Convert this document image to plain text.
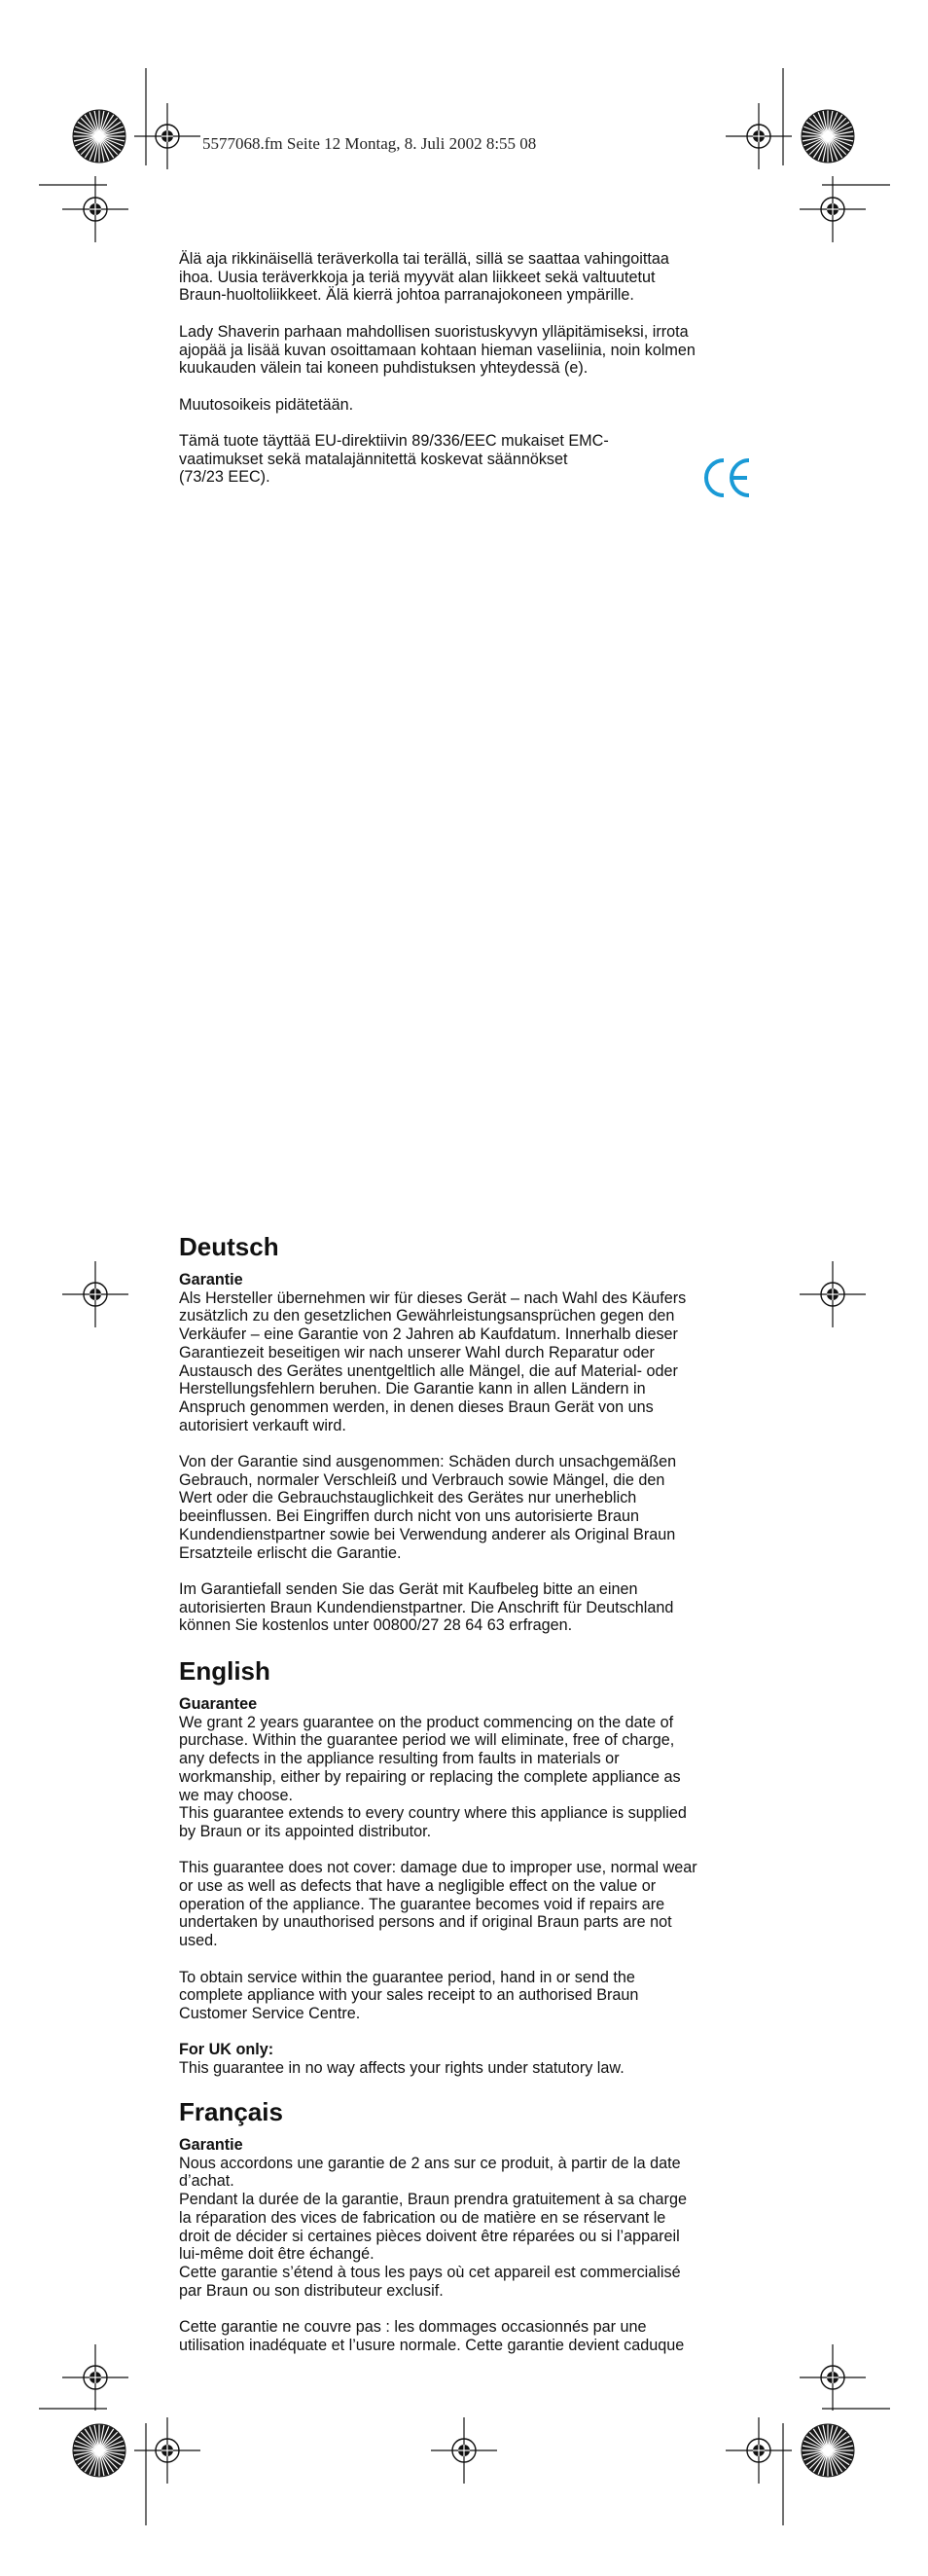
5577068.fm Seite 12 Montag, 8. Juli 2002 8:55 08

Älä aja rikkinäisellä teräverkolla tai terällä, sillä se saattaa vahingoittaa
ihoa. Uusia teräverkkoja ja teriä myyvät alan liikkeet sekä valtuutetut
Braun-huoltoliikkeet. Älä kierrä johtoa parranajokoneen ympärille.

Lady Shaverin parhaan mahdollisen suoristuskyvyn ylläpitämiseksi, irrota
ajopää ja lisää kuvan osoittamaan kohtaan hieman vaseliinia, noin kolmen
kuukauden välein tai koneen puhdistuksen yhteydessä (e).

Muutosoikeis pidätetään.

Tämä tuote täyttää EU-direktiivin 89/336/EEC mukaiset EMC-
vaatimukset sekä matalajännitettä koskevat säännökset
(73/23 EEC).

Deutsch

Garantie

Als Hersteller übernehmen wir für dieses Gerät – nach Wahl des Käufers
zusätzlich zu den gesetzlichen Gewährleistungsansprüchen gegen den
Verkäufer – eine Garantie von 2 Jahren ab Kaufdatum. Innerhalb dieser
Garantiezeit beseitigen wir nach unserer Wahl durch Reparatur oder
Austausch des Gerätes unentgeltlich alle Mängel, die auf Material- oder
Herstellungsfehlern beruhen. Die Garantie kann in allen Ländern in
Anspruch genommen werden, in denen dieses Braun Gerät von uns
autorisiert verkauft wird.

Von der Garantie sind ausgenommen: Schäden durch unsachgemäßen
Gebrauch, normaler Verschleiß und Verbrauch sowie Mängel, die den
Wert oder die Gebrauchstauglichkeit des Gerätes nur unerheblich
beeinflussen. Bei Eingriffen durch nicht von uns autorisierte Braun
Kundendienstpartner sowie bei Verwendung anderer als Original Braun
Ersatzteile erlischt die Garantie.

Im Garantiefall senden Sie das Gerät mit Kaufbeleg bitte an einen
autorisierten Braun Kundendienstpartner. Die Anschrift für Deutschland
können Sie kostenlos unter 00800/27 28 64 63 erfragen.

English

Guarantee

We grant 2 years guarantee on the product commencing on the date of
purchase. Within the guarantee period we will eliminate, free of charge,
any defects in the appliance resulting from faults in materials or
workmanship, either by repairing or replacing the complete appliance as
we may choose.
This guarantee extends to every country where this appliance is supplied
by Braun or its appointed distributor.

This guarantee does not cover: damage due to improper use, normal wear
or use as well as defects that have a negligible effect on the value or
operation of the appliance. The guarantee becomes void if repairs are
undertaken by unauthorised persons and if original Braun parts are not
used.

To obtain service within the guarantee period, hand in or send the
complete appliance with your sales receipt to an authorised Braun
Customer Service Centre.

For UK only:

This guarantee in no way affects your rights under statutory law.

Français

Garantie

Nous accordons une garantie de 2 ans sur ce produit, à partir de la date
d’achat.
Pendant la durée de la garantie, Braun prendra gratuitement à sa charge
la réparation des vices de fabrication ou de matière en se réservant le
droit de décider si certaines pièces doivent être réparées ou si l’appareil
lui-même doit être échangé.
Cette garantie s’étend à tous les pays où cet appareil est commercialisé
par Braun ou son distributeur exclusif.

Cette garantie ne couvre pas : les dommages occasionnés par une
utilisation inadéquate et l’usure normale. Cette garantie devient caduque
